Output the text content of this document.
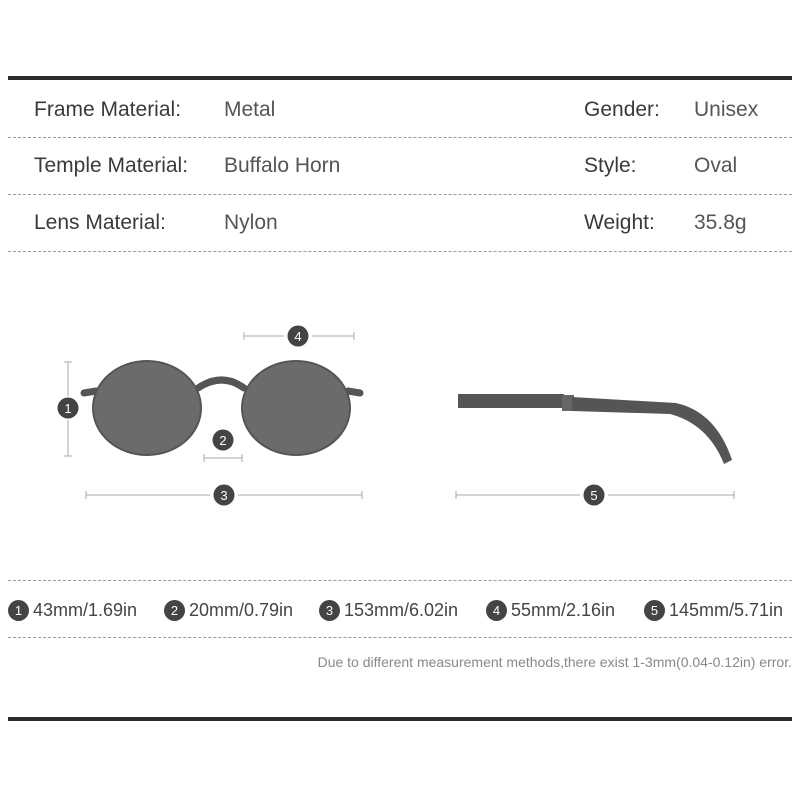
Frame Material: Metal	Gender: Unisex
Temple Material: Buffalo Horn	Style:	Oval
Lens Material:	Nylon	Weight: 35.8g
1
2
3
4
5
1 43mm/1.69in	2 20mm/0.79in	3 153mm/6.02in	4 55mm/2.16in	5 145mm/5.71in
Due to different measurement methods,there exist 1-3mm(0.04-0.12in) error.
